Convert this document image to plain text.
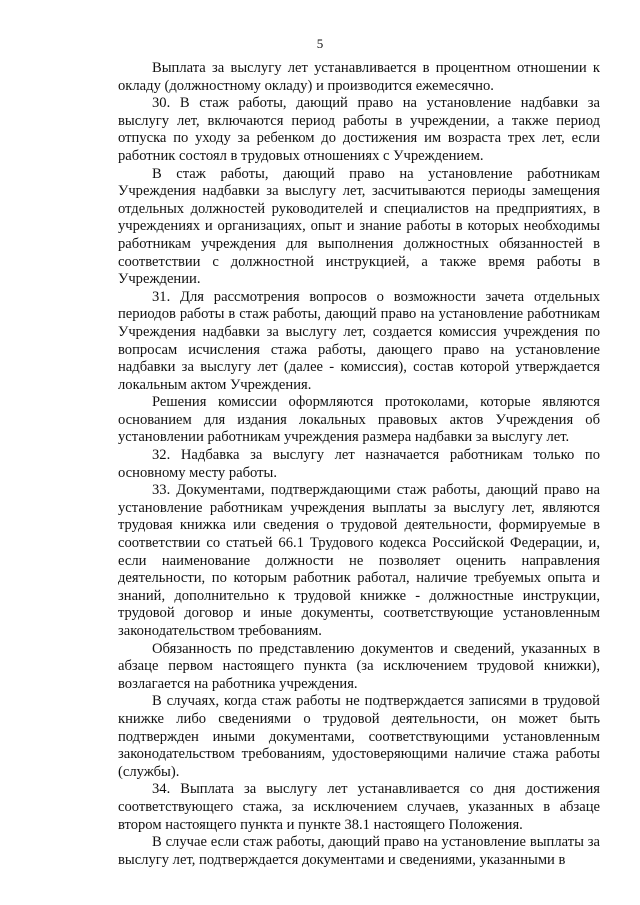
5

Выплата за выслугу лет устанавливается в процентном отношении к окладу (должностному окладу) и производится ежемесячно.

30. В стаж работы, дающий право на установление надбавки за выслугу лет, включаются период работы в учреждении, а также период отпуска по уходу за ребенком до достижения им возраста трех лет, если работник состоял в трудовых отношениях с Учреждением.

В стаж работы, дающий право на установление работникам Учреждения надбавки за выслугу лет, засчитываются периоды замещения отдельных должностей руководителей и специалистов на предприятиях, в учреждениях и организациях, опыт и знание работы в которых необходимы работникам учреждения для выполнения должностных обязанностей в соответствии с должностной инструкцией, а также время работы в Учреждении.

31. Для рассмотрения вопросов о возможности зачета отдельных периодов работы в стаж работы, дающий право на установление работникам Учреждения надбавки за выслугу лет, создается комиссия учреждения по вопросам исчисления стажа работы, дающего право на установление надбавки за выслугу лет (далее - комиссия), состав которой утверждается локальным актом Учреждения.

Решения комиссии оформляются протоколами, которые являются основанием для издания локальных правовых актов Учреждения об установлении работникам учреждения размера надбавки за выслугу лет.

32. Надбавка за выслугу лет назначается работникам только по основному месту работы.

33. Документами, подтверждающими стаж работы, дающий право на установление работникам учреждения выплаты за выслугу лет, являются трудовая книжка или сведения о трудовой деятельности, формируемые в соответствии со статьей 66.1 Трудового кодекса Российской Федерации, и, если наименование должности не позволяет оценить направления деятельности, по которым работник работал, наличие требуемых опыта и знаний, дополнительно к трудовой книжке - должностные инструкции, трудовой договор и иные документы, соответствующие установленным законодательством требованиям.

Обязанность по представлению документов и сведений, указанных в абзаце первом настоящего пункта (за исключением трудовой книжки), возлагается на работника учреждения.

В случаях, когда стаж работы не подтверждается записями в трудовой книжке либо сведениями о трудовой деятельности, он может быть подтвержден иными документами, соответствующими установленным законодательством требованиям, удостоверяющими наличие стажа работы (службы).

34. Выплата за выслугу лет устанавливается со дня достижения соответствующего стажа, за исключением случаев, указанных в абзаце втором настоящего пункта и пункте 38.1 настоящего Положения.

В случае если стаж работы, дающий право на установление выплаты за выслугу лет, подтверждается документами и сведениями, указанными в
